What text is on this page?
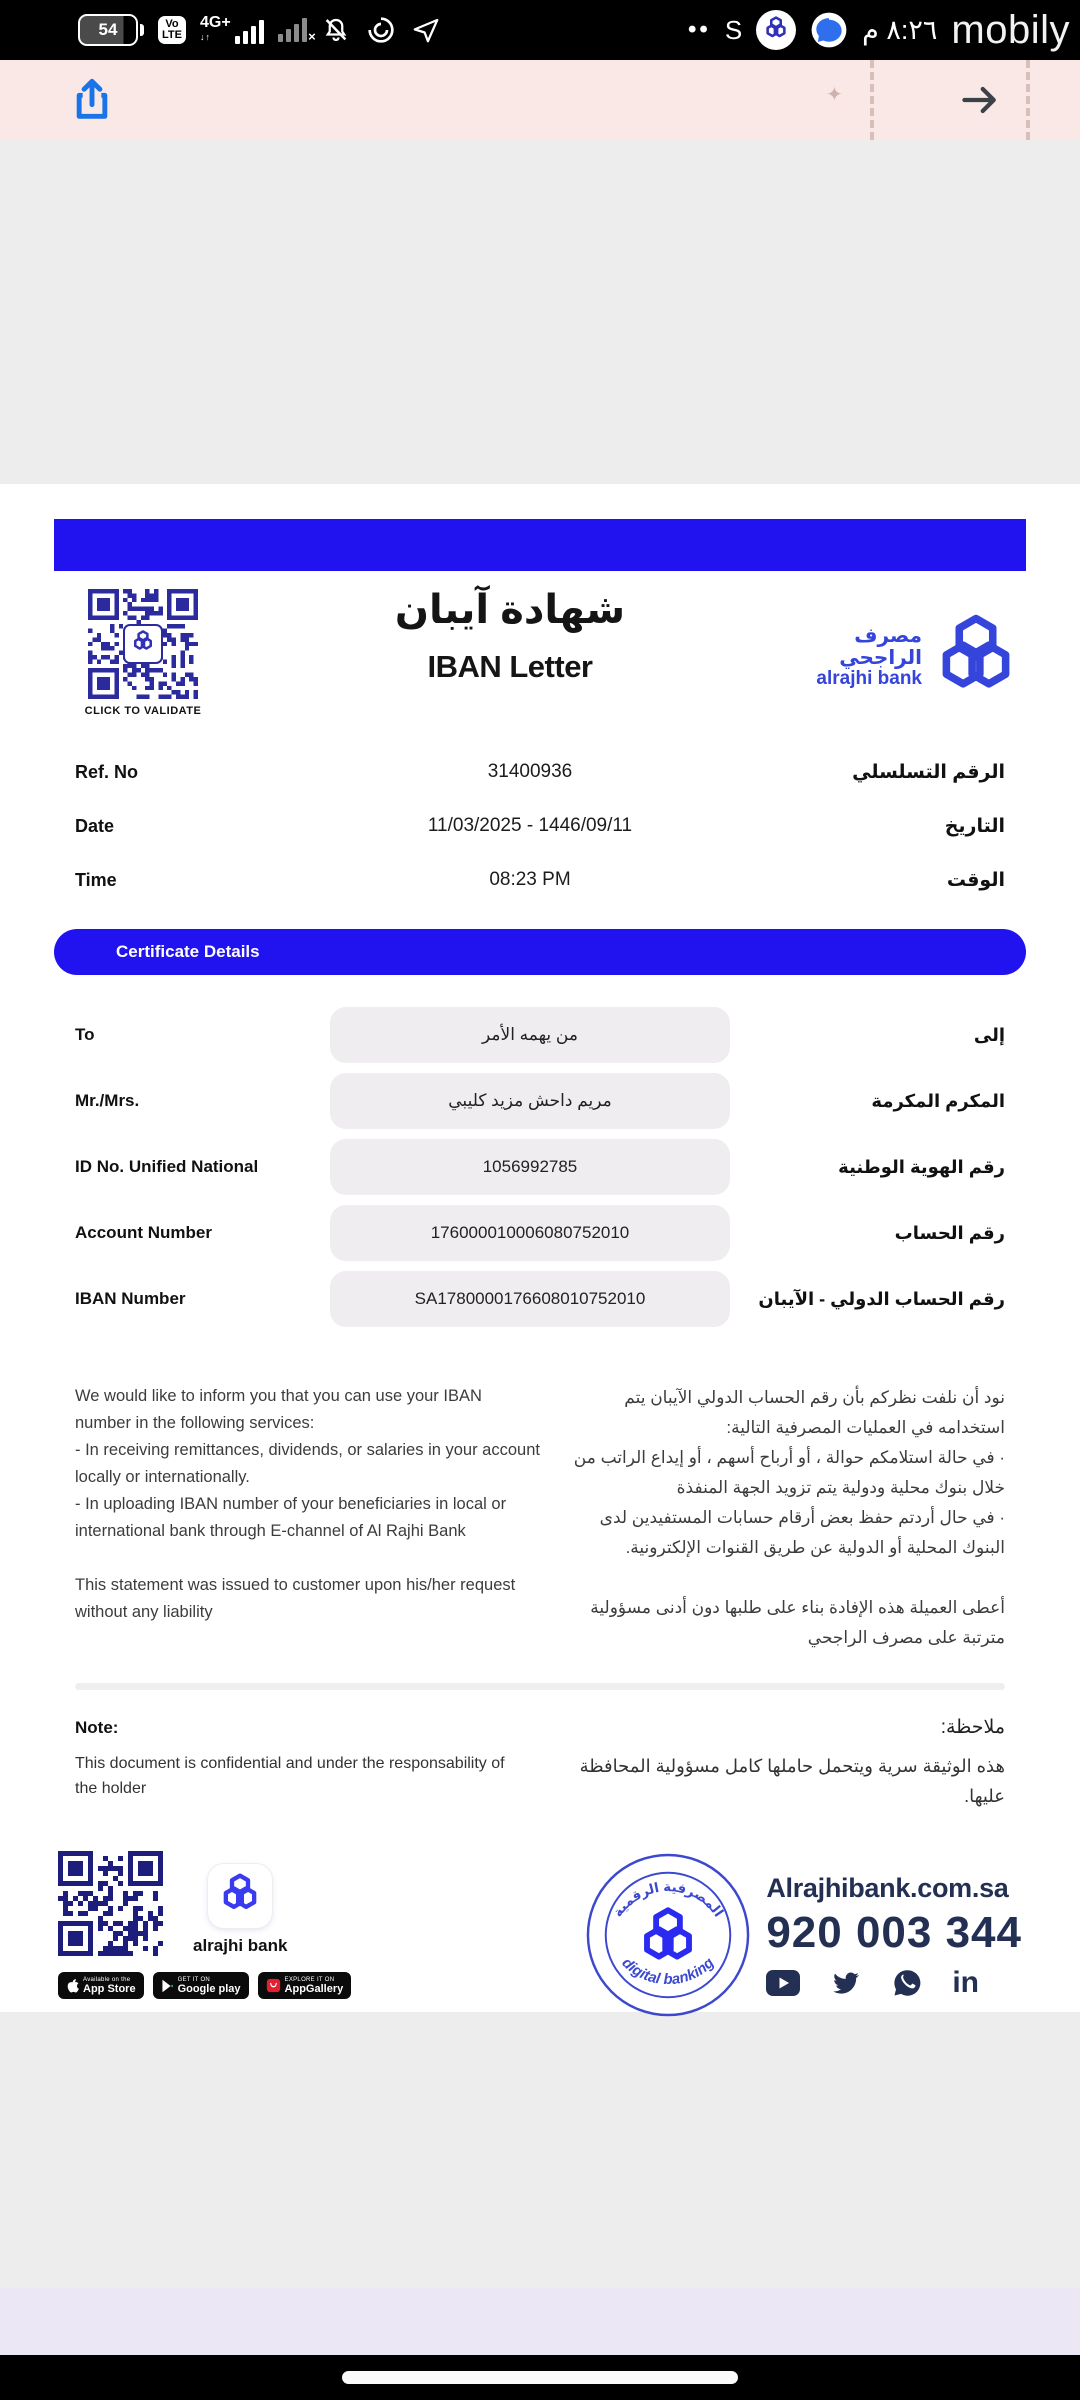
54	Vo
LTE
4G+
↓↑	×	•• S	٨:٢٦ م mobily
✦
CLICK TO VALIDATE
شهادة آيبان
IBAN Letter
مصرف الراجحي
alrajhi bank
Ref. No	31400936	الرقم التسلسلي
Date	11/03/2025 - 1446/09/11	التاريخ
Time	08:23 PM	الوقت
Certificate Details
To	من يهمه الأمر	إلى
Mr./Mrs.	مريم داحش مزيد كليبي	المكرم المكرمة
ID No. Unified National	1056992785	رقم الهوية الوطنية
Account Number	176000010006080752010	رقم الحساب
IBAN Number	SA1780000176608010752010	رقم الحساب الدولي - الآيبان
We would like to inform you that you can use your IBAN number in the following services:
- In receiving remittances, dividends, or salaries in your account locally or internationally.
- In uploading IBAN number of your beneficiaries in local or international bank through E-channel of Al Rajhi Bank

This statement was issued to customer upon his/her request without any liability
نود أن نلفت نظركم بأن رقم الحساب الدولي الآيبان يتم استخدامه في العمليات المصرفية التالية:
· في حالة استلامكم حوالة ، أو أرباح أسهم ، أو إيداع الراتب من خلال بنوك محلية ودولية يتم تزويد الجهة المنفذة
· في حال أردتم حفظ بعض أرقام حسابات المستفيدين لدى البنوك المحلية أو الدولية عن طريق القنوات الإلكترونية.

أعطى العميلة هذه الإفادة بناء على طلبها دون أدنى مسؤولية مترتبة على مصرف الراجحي
Note:	ملاحظة:
This document is confidential and under the responsability of the holder
هذه الوثيقة سرية ويتحمل حاملها كامل مسؤولية المحافظة عليها.
alrajhi bank
Available on the
App Store
GET IT ON
Google play
EXPLORE IT ON
AppGallery
المصرفية الرقمية
digital banking
Alrajhibank.com.sa
920 003 344
in
